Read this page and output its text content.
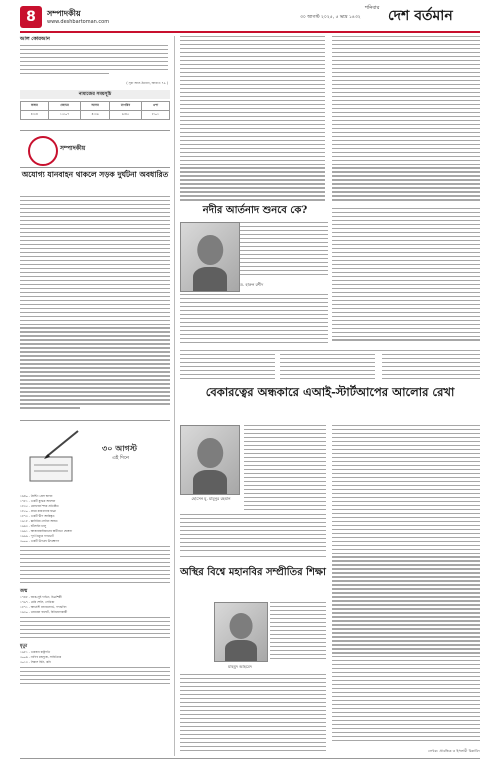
8	সম্পাদকীয়
www.deshbartoman.com
৩০ আগস্ট ২০২৫, ৫ ভাদ্র ১৪৩২
শনিবার দেশ বর্তমান
আল কোরআন
( সূরা আল-ইমরান, আয়াত ৭৯ )
নামাজের সময়সূচি
ফজর	জোহর	আসর	মাগরিব	এশা
৪:৩৪	১২:০৭	৪:৩৬	৬:৪৫	৮:০১
সম্পাদকীয়
অযোগ্য যানবাহন থাকলে সড়ক দুর্ঘটনা অবধারিত
৩০ আগস্ট
এই দিনে
১৬৪০ - প্রিন্টিং প্রেস স্থাপন
১৭৮১ - একটি যুদ্ধের অবসান
১৮৩৫ - মেলবোর্ন শহর প্রতিষ্ঠিত
১৮৫০ - প্রথম কারখানার যাত্রা
১৮৭৩ - একটি দ্বীপ আবিষ্কৃত
১৯১৮ - ভ্লাদিমির লেনিন আহত
১৯৬৩ - হটলাইন চালু
১৯৯১ - আজারবাইজানের স্বাধীনতা ঘোষণা
১৯৯৯ - পূর্ব তিমুরে গণভোট
২০০০ - একটি উপগ্রহ উৎক্ষেপণ
জন্ম
১৭৪৮ - জাক-লুই দাভিদ, চিত্রশিল্পী
১৭৯৭ - মেরি শেলি, লেখিকা
১৮৭১ - আর্নেস্ট রাদারফোর্ড, পদার্থবিদ
১৯৩০ - ওয়ারেন বাফেট, বিনিয়োগকারী
মৃত্যু
১৯৮১ - একজন রাষ্ট্রপতি
২০০৬ - নাগিব মাহফুজ, সাহিত্যিক
২০১৩ - সিমাস হিনি, কবি
নদীর আর্তনাদ শুনবে কে?
ড. হারুন রশীদ
বেকারত্বের অন্ধকারে এআই-স্টার্টআপের আলোর রেখা
হোসেন মু. মামুনুর রহমান
অস্থির বিশ্বে মহানবির সম্প্রীতির শিক্ষা
মাহমুদ আহমেদ
লেখক: প্রাবন্ধিক ও ইসলামী চিন্তাবিদ
